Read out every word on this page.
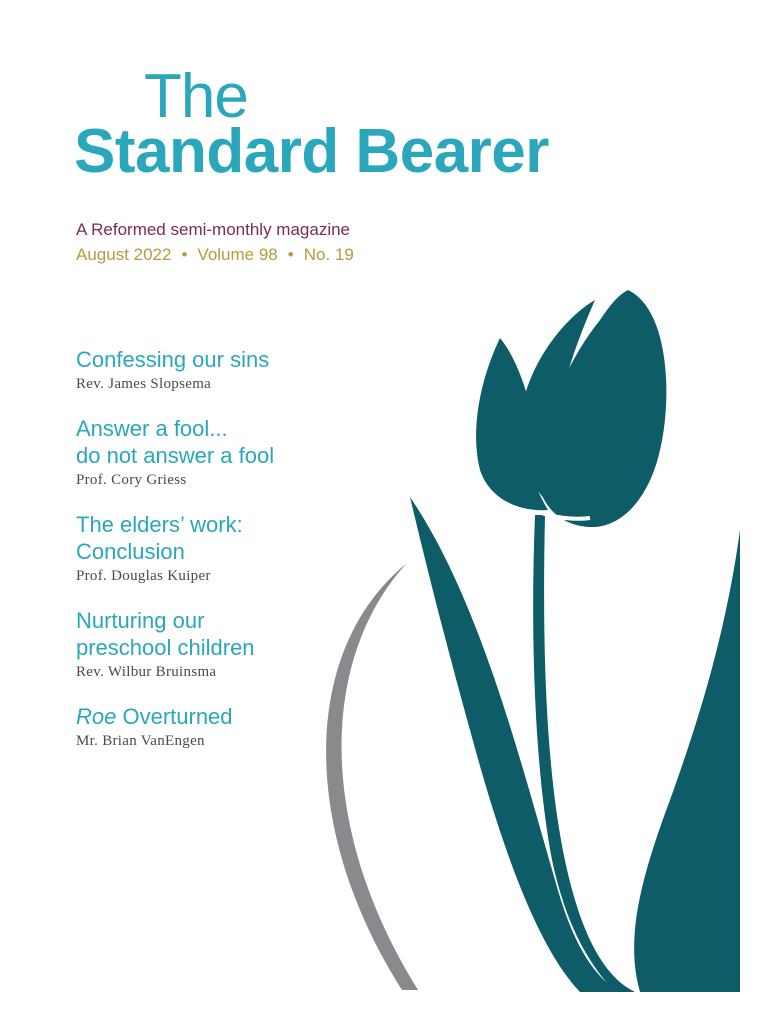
The
Standard Bearer
A Reformed semi-monthly magazine
August 2022 • Volume 98 • No. 19
Confessing our sins
Rev. James Slopsema
Answer a fool...
do not answer a fool
Prof. Cory Griess
The elders’ work:
Conclusion
Prof. Douglas Kuiper
Nurturing our
preschool children
Rev. Wilbur Bruinsma
Roe Overturned
Mr. Brian VanEngen
